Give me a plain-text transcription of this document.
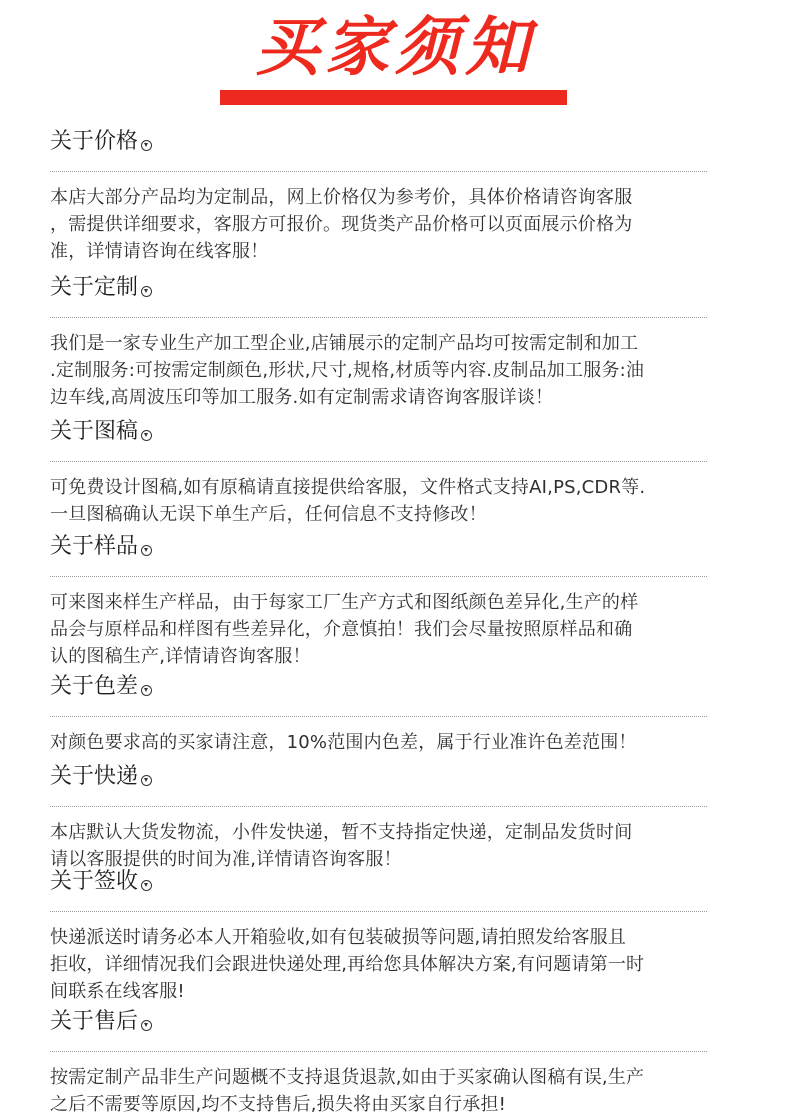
买家须知
关于价格
本店大部分产品均为定制品，网上价格仅为参考价，具体价格请咨询客服
，需提供详细要求，客服方可报价。现货类产品价格可以页面展示价格为
准，详情请咨询在线客服！
关于定制
我们是一家专业生产加工型企业,店铺展示的定制产品均可按需定制和加工
.定制服务:可按需定制颜色,形状,尺寸,规格,材质等内容.皮制品加工服务:油
边车线,高周波压印等加工服务.如有定制需求请咨询客服详谈！
关于图稿
可免费设计图稿,如有原稿请直接提供给客服，文件格式支持AI,PS,CDR等.
一旦图稿确认无误下单生产后，任何信息不支持修改！
关于样品
可来图来样生产样品，由于每家工厂生产方式和图纸颜色差异化,生产的样
品会与原样品和样图有些差异化，介意慎拍！我们会尽量按照原样品和确
认的图稿生产,详情请咨询客服！
关于色差
对颜色要求高的买家请注意，10%范围内色差，属于行业准许色差范围！
关于快递
本店默认大货发物流，小件发快递，暂不支持指定快递，定制品发货时间
请以客服提供的时间为准,详情请咨询客服！
关于签收
快递派送时请务必本人开箱验收,如有包装破损等问题,请拍照发给客服且
拒收，详细情况我们会跟进快递处理,再给您具体解决方案,有问题请第一时
间联系在线客服!
关于售后
按需定制产品非生产问题概不支持退货退款,如由于买家确认图稿有误,生产
之后不需要等原因,均不支持售后,损失将由买家自行承担!
